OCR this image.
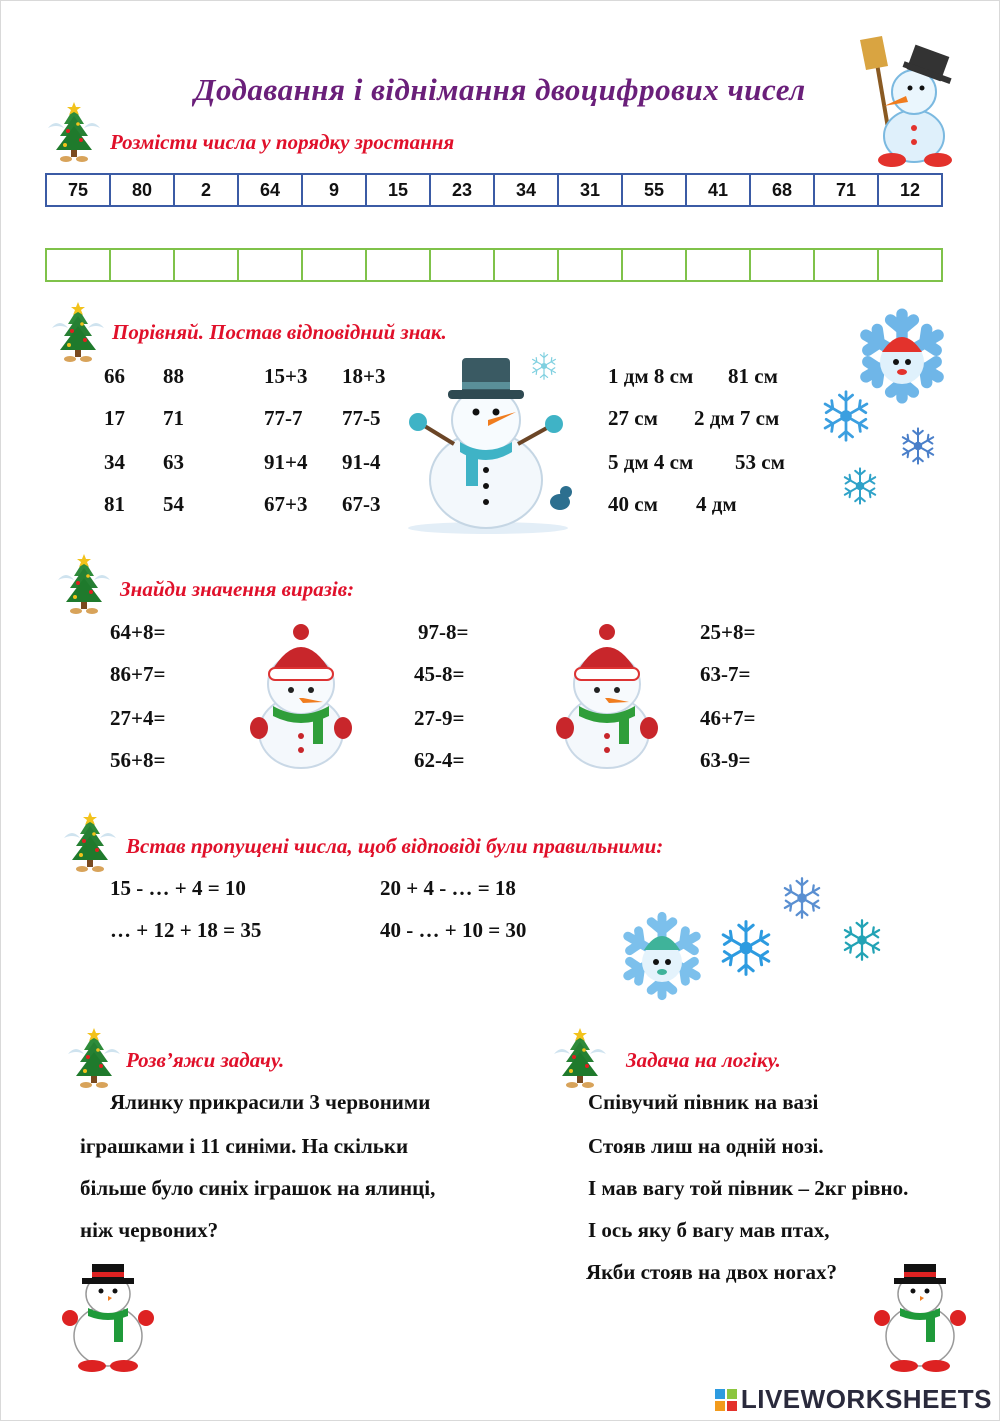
Додавання і віднімання двоцифрових чисел
Розмісти числа у порядку зростання
75	80	2	64	9	15	23	34	31	55	41	68	71	12

Порівняй. Постав відповідний знак.
66 88
17 71
34 63
81 54
15+3 18+3
77-7 77-5
91+4 91-4
67+3 67-3
1 дм 8 см 81 см
27 см 2 дм 7 см
5 дм 4 см 53 см
40 см 4 дм
Знайди значення виразів:
64+8=
86+7=
27+4=
56+8=
97-8=
45-8=
27-9=
62-4=
25+8=
63-7=
46+7=
63-9=
Встав пропущені числа, щоб відповіді були правильними:
15 - … + 4 = 10
… + 12 + 18 = 35
20 + 4 - … = 18
40 - … + 10 = 30
Розв’яжи задачу.
Ялинку прикрасили 3 червоними
іграшками і 11 синіми. На скільки
більше було синіх іграшок на ялинці,
ніж червоних?
Задача на логіку.
Співучий півник на вазі
Стояв лиш на одній нозі.
І мав вагу той півник – 2кг рівно.
І ось яку б вагу мав птах,
Якби стояв на двох ногах?
LIVEWORKSHEETS
